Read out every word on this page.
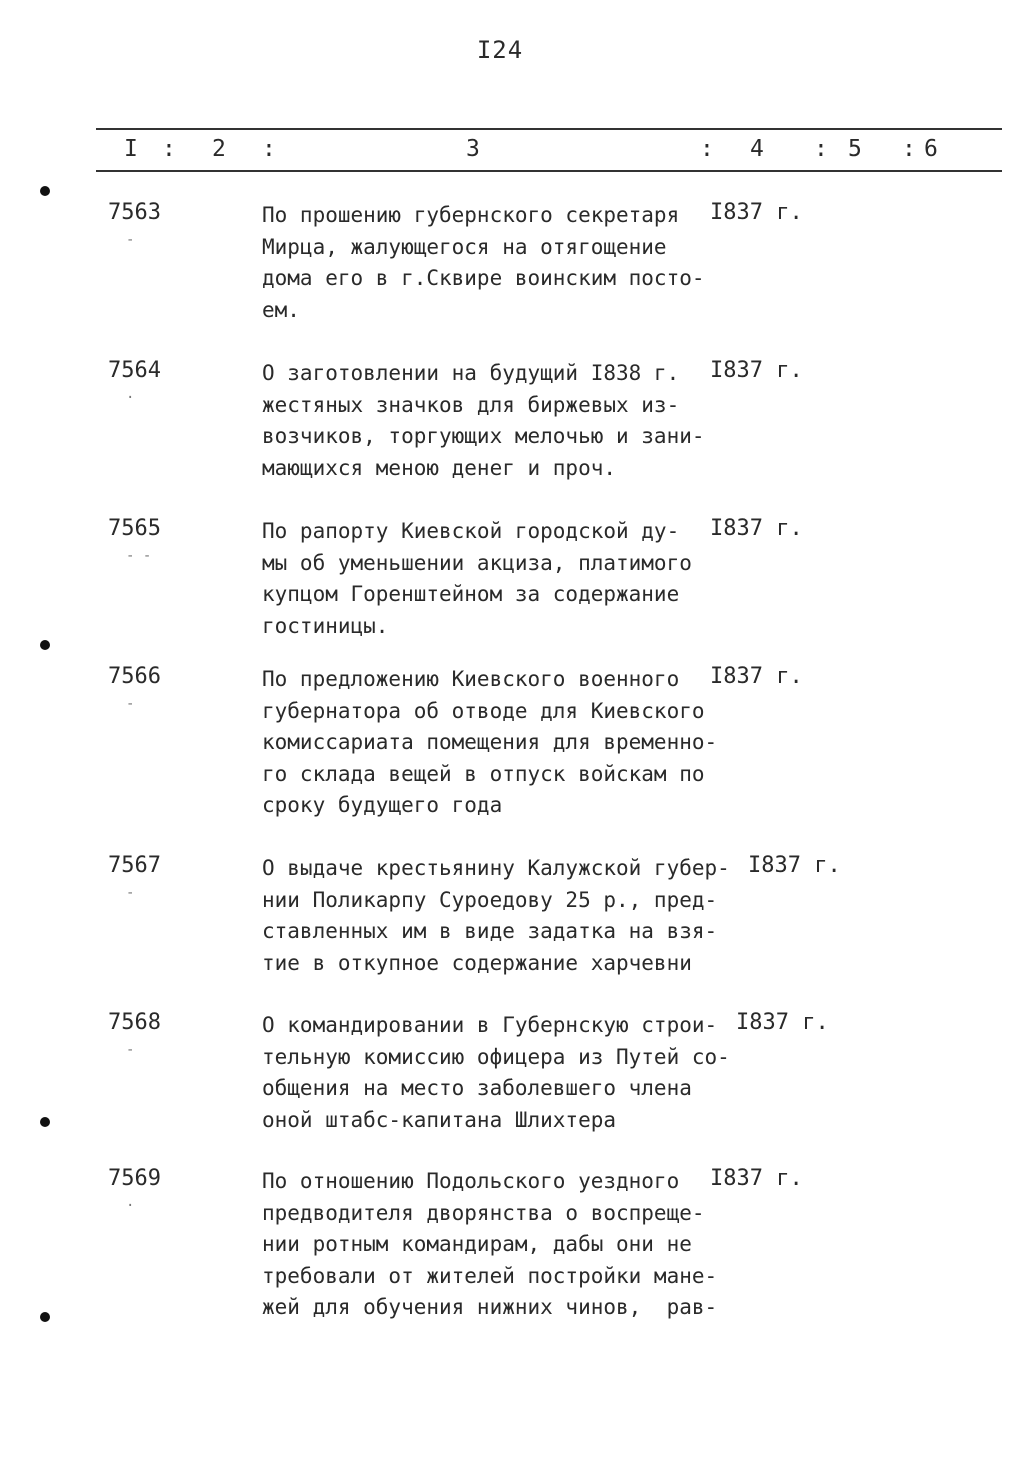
I24
I : 2 :	3	: 4 : 5 : 6
7563
-

По прошению губернского секретаря
Мирца, жалующегося на отягощение
дома его в г.Сквире воинским посто-
ем.

I837 г.
7564
·

О заготовлении на будущий I838 г.
жестяных значков для биржевых из-
возчиков, торгующих мелочью и зани-
мающихся менoю денег и проч.

I837 г.
7565
- -

По рапорту Киевской городской ду-
мы об уменьшении акциза, платимого
купцом Горенштейном за содержание
гостиницы.

I837 г.
7566
-

По предложению Киевского военного
губернатора об отводе для Киевского
комиссариата помещения для временно-
го склада вещей в отпуск войскам по
сроку будущего года

I837 г.
7567
-

О выдаче крестьянину Калужской губер-
нии Поликарпу Суроедову 25 р., пред-
ставленных им в виде задатка на взя-
тие в откупное содержание харчевни

I837 г.
7568
-

О командировании в Губернскую строи-
тельную комиссию офицера из Путей со-
общения на место заболевшего члена
оной штабс-капитана Шлихтера

I837 г.
7569
·

По отношению Подольского уездного
предводителя дворянства о воспреще-
нии ротным командирам, дабы они не
требовали от жителей постройки мане-
жей для обучения нижних чинов,  рав-

I837 г.
